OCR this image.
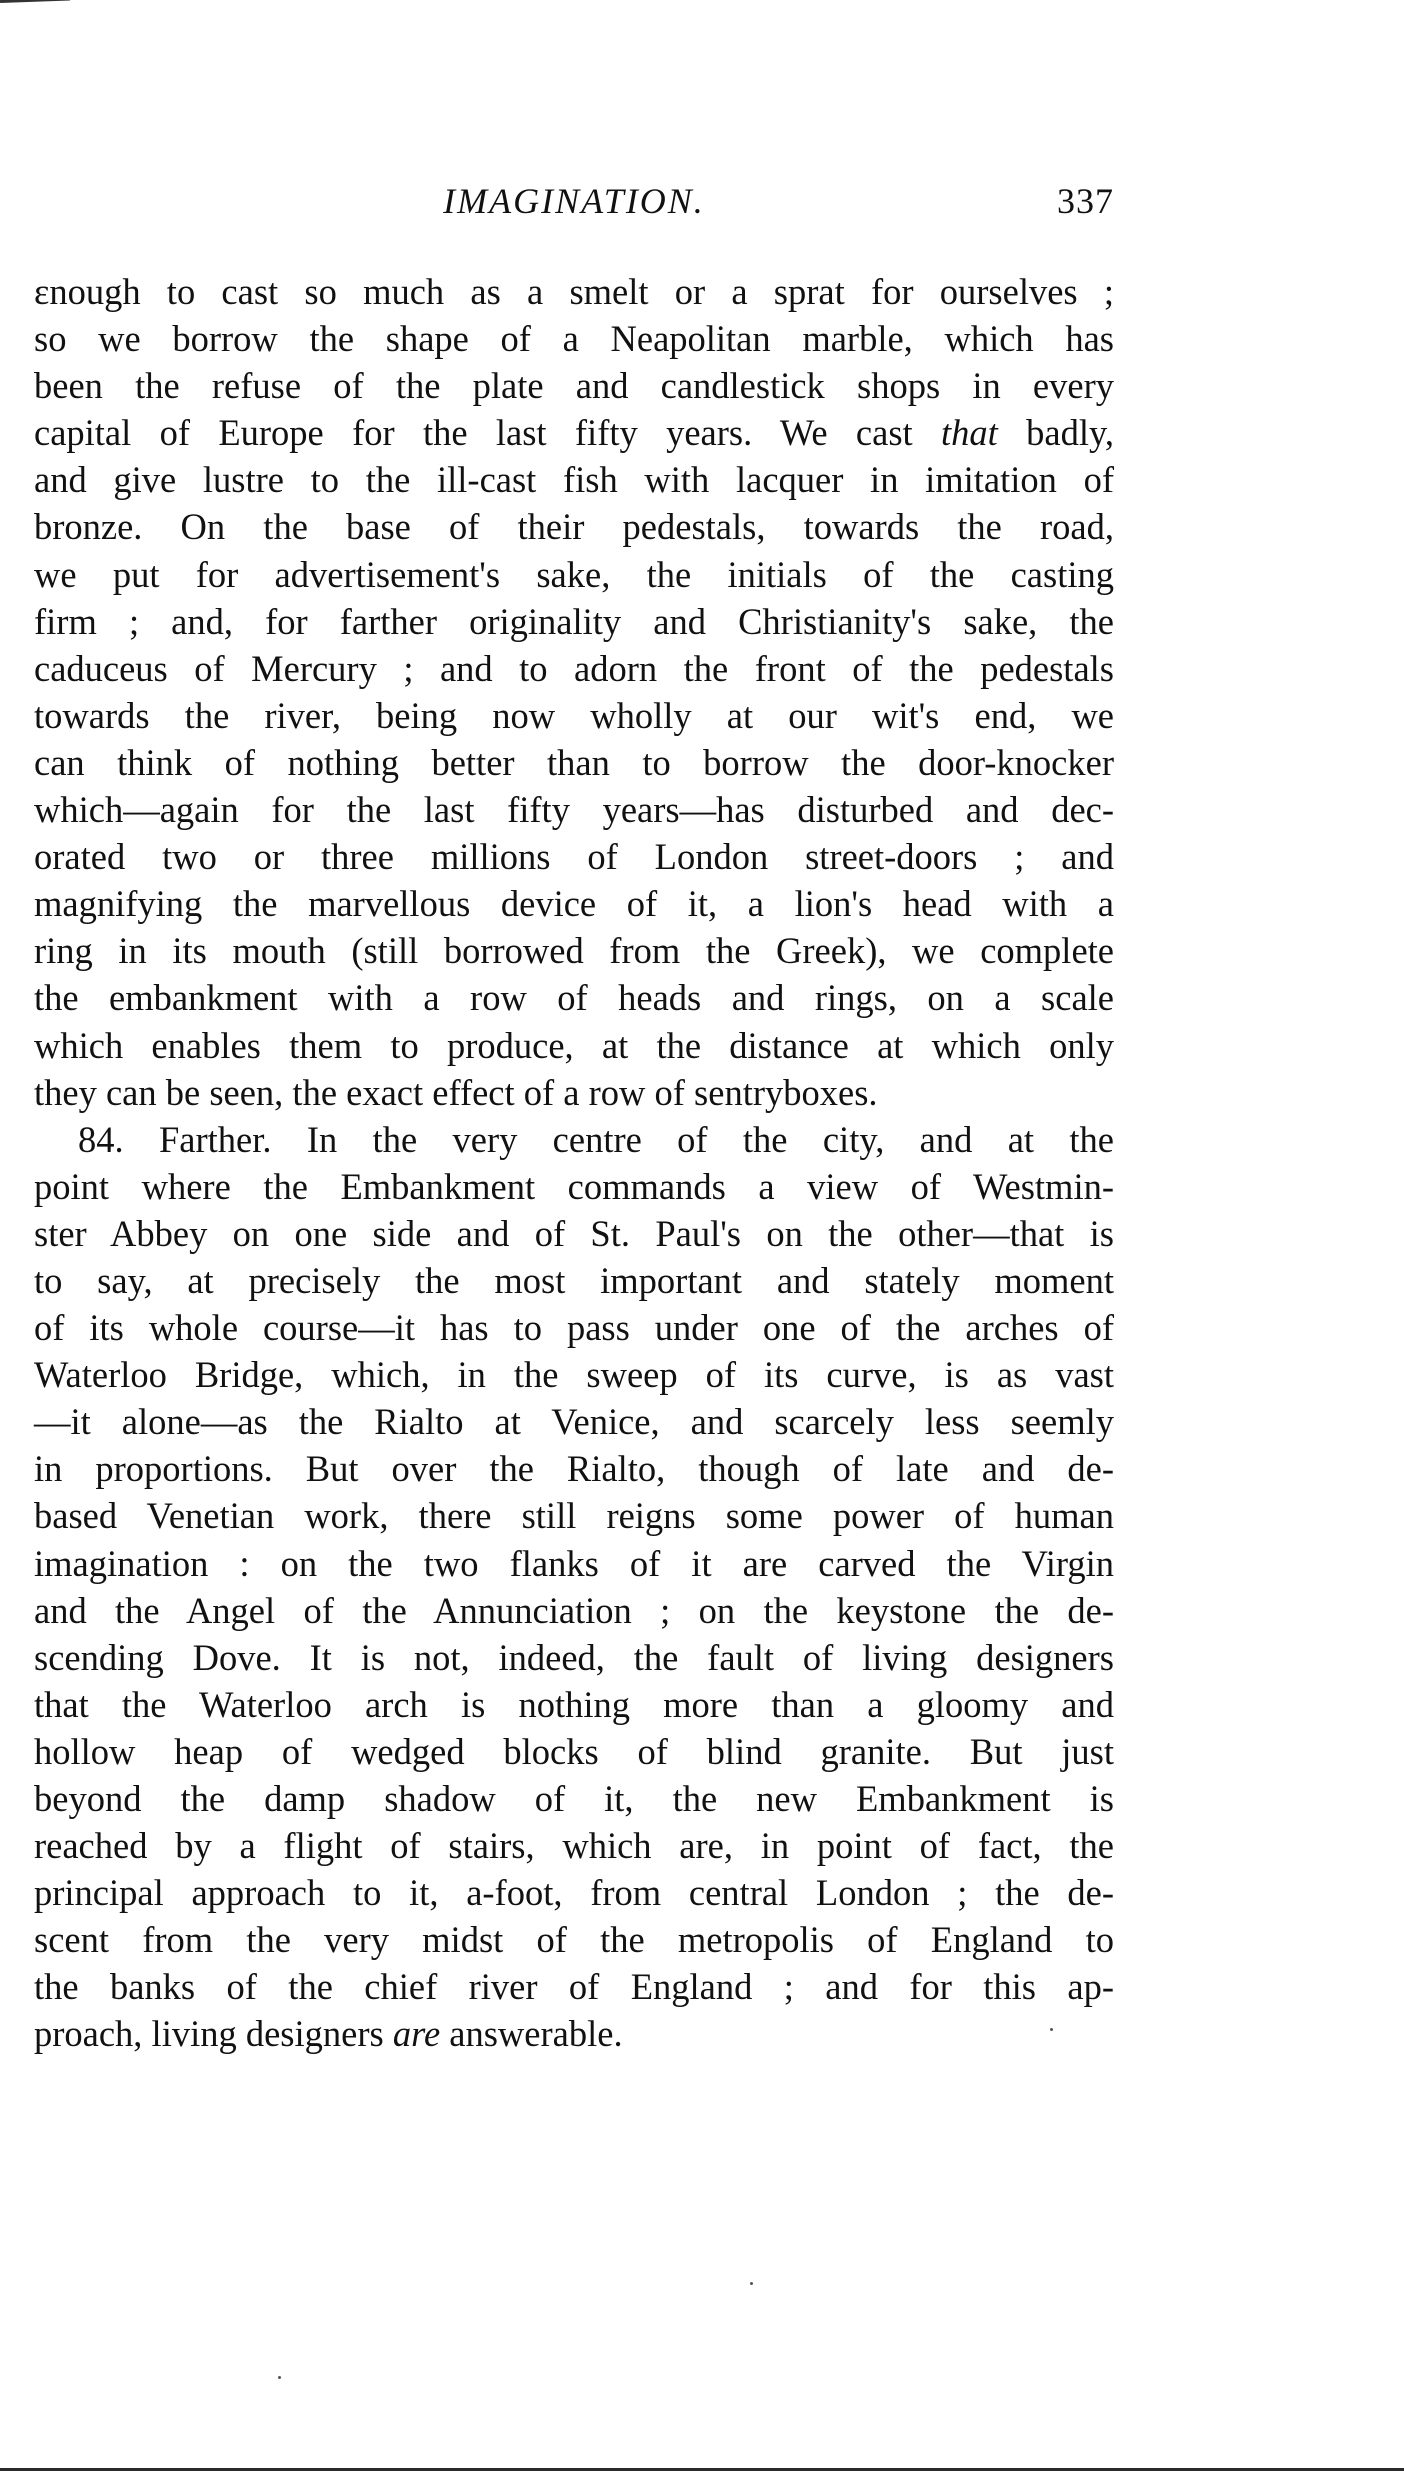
IMAGINATION.	337
ɛnough to cast so much as a smelt or a sprat for ourselves ;
so we borrow the shape of a Neapolitan marble, which has
been the refuse of the plate and candlestick shops in every
capital of Europe for the last fifty years. We cast that badly,
and give lustre to the ill-cast fish with lacquer in imitation of
bronze. On the base of their pedestals, towards the road,
we put for advertisement's sake, the initials of the casting
firm ; and, for farther originality and Christianity's sake, the
caduceus of Mercury ; and to adorn the front of the pedestals
towards the river, being now wholly at our wit's end, we
can think of nothing better than to borrow the door-knocker
which—again for the last fifty years—has disturbed and dec-
orated two or three millions of London street-doors ; and
magnifying the marvellous device of it, a lion's head with a
ring in its mouth (still borrowed from the Greek), we complete
the embankment with a row of heads and rings, on a scale
which enables them to produce, at the distance at which only
they can be seen, the exact effect of a row of sentryboxes.
84. Farther. In the very centre of the city, and at the
point where the Embankment commands a view of Westmin-
ster Abbey on one side and of St. Paul's on the other—that is
to say, at precisely the most important and stately moment
of its whole course—it has to pass under one of the arches of
Waterloo Bridge, which, in the sweep of its curve, is as vast
—it alone—as the Rialto at Venice, and scarcely less seemly
in proportions. But over the Rialto, though of late and de-
based Venetian work, there still reigns some power of human
imagination : on the two flanks of it are carved the Virgin
and the Angel of the Annunciation ; on the keystone the de-
scending Dove. It is not, indeed, the fault of living designers
that the Waterloo arch is nothing more than a gloomy and
hollow heap of wedged blocks of blind granite. But just
beyond the damp shadow of it, the new Embankment is
reached by a flight of stairs, which are, in point of fact, the
principal approach to it, a-foot, from central London ; the de-
scent from the very midst of the metropolis of England to
the banks of the chief river of England ; and for this ap-
proach, living designers are answerable.
